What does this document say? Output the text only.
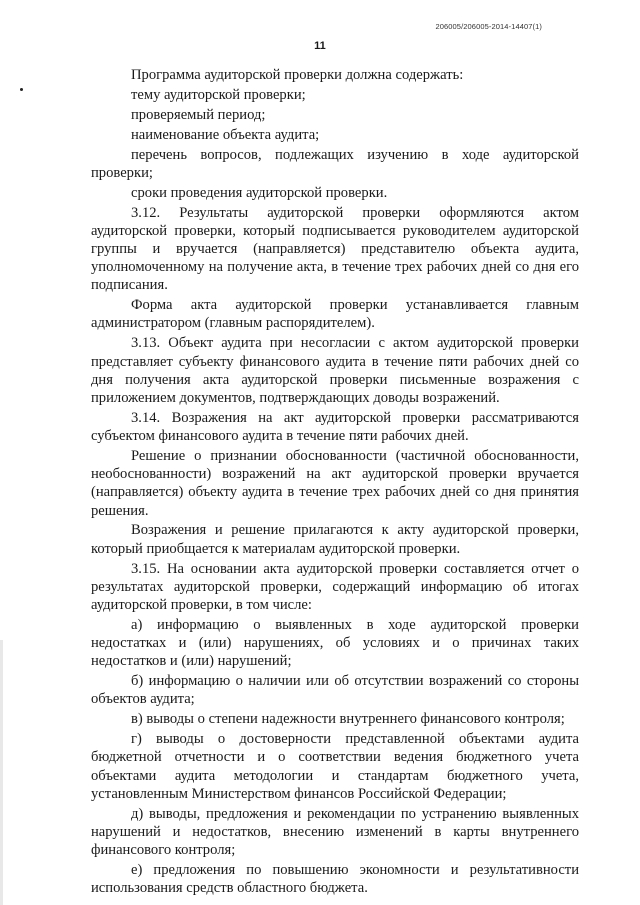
206005/206005-2014-14407(1)
11

Программа аудиторской проверки должна содержать:

тему аудиторской проверки;

проверяемый период;

наименование объекта аудита;

перечень вопросов, подлежащих изучению в ходе аудиторской проверки;

сроки проведения аудиторской проверки.

3.12. Результаты аудиторской проверки оформляются актом аудиторской проверки, который подписывается руководителем аудиторской группы и вручается (направляется) представителю объекта аудита, уполномоченному на получение акта, в течение трех рабочих дней со дня его подписания.

Форма акта аудиторской проверки устанавливается главным администратором (главным распорядителем).

3.13. Объект аудита при несогласии с актом аудиторской проверки представляет субъекту финансового аудита в течение пяти рабочих дней со дня получения акта аудиторской проверки письменные возражения с приложением документов, подтверждающих доводы возражений.

3.14. Возражения на акт аудиторской проверки рассматриваются субъектом финансового аудита в течение пяти рабочих дней.

Решение о признании обоснованности (частичной обоснованности, необоснованности) возражений на акт аудиторской проверки вручается (направляется) объекту аудита в течение трех рабочих дней со дня принятия решения.

Возражения и решение прилагаются к акту аудиторской проверки, который приобщается к материалам аудиторской проверки.

3.15. На основании акта аудиторской проверки составляется отчет о результатах аудиторской проверки, содержащий информацию об итогах аудиторской проверки, в том числе:

а) информацию о выявленных в ходе аудиторской проверки недостатках и (или) нарушениях, об условиях и о причинах таких недостатков и (или) нарушений;

б) информацию о наличии или об отсутствии возражений со стороны объектов аудита;

в) выводы о степени надежности внутреннего финансового контроля;

г) выводы о достоверности представленной объектами аудита бюджетной отчетности и о соответствии ведения бюджетного учета объектами аудита методологии и стандартам бюджетного учета, установленным Министерством финансов Российской Федерации;

д) выводы, предложения и рекомендации по устранению выявленных нарушений и недостатков, внесению изменений в карты внутреннего финансового контроля;

е) предложения по повышению экономности и результативности использования средств областного бюджета.
